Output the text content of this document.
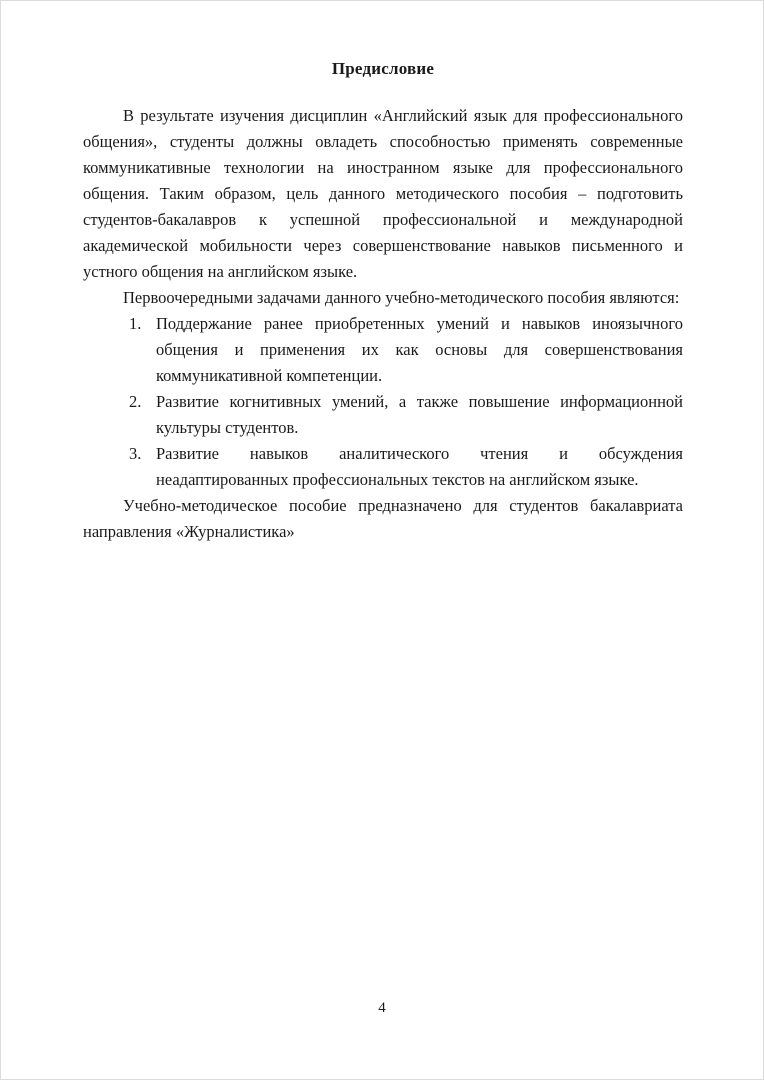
Предисловие

В результате изучения дисциплин «Английский язык для профессионального общения», студенты должны овладеть способностью применять современные коммуникативные технологии на иностранном языке для профессионального общения. Таким образом, цель данного методического пособия – подготовить студентов-бакалавров к успешной профессиональной и международной академической мобильности через совершенствование навыков письменного и устного общения на английском языке.

Первоочередными задачами данного учебно-методического пособия являются:

1. Поддержание ранее приобретенных умений и навыков иноязычного общения и применения их как основы для совершенствования коммуникативной компетенции.
2. Развитие когнитивных умений, а также повышение информационной культуры студентов.
3. Развитие навыков аналитического чтения и обсуждения неадаптированных профессиональных текстов на английском языке.

Учебно-методическое пособие предназначено для студентов бакалавриата направления «Журналистика»

4
